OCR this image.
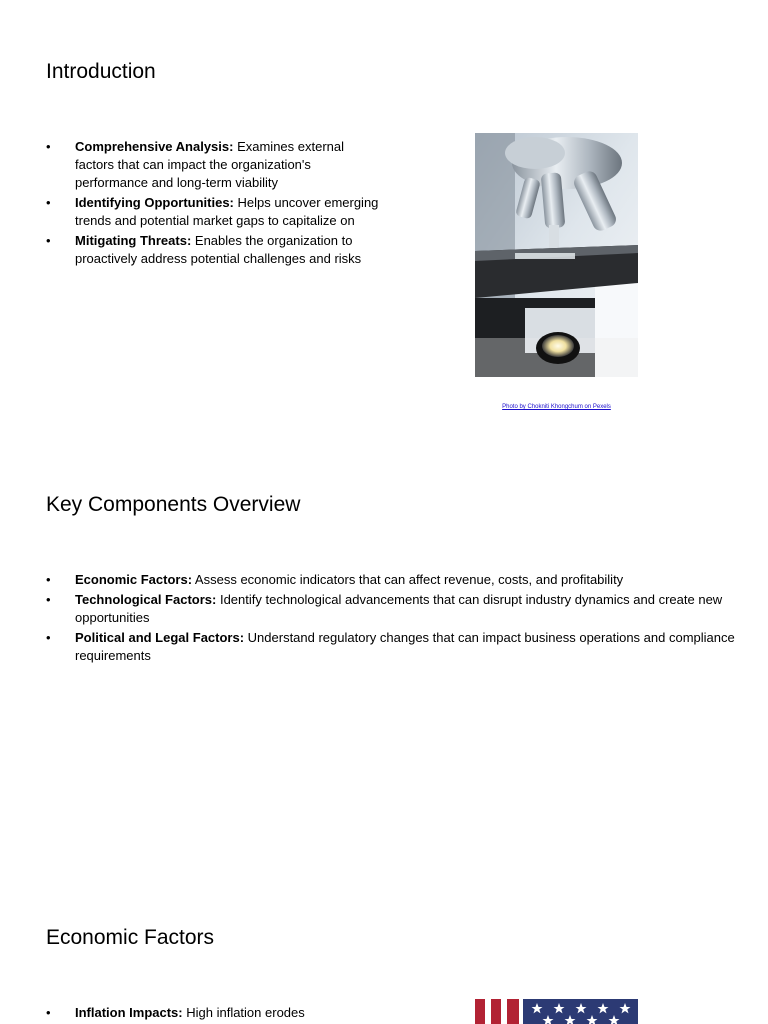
Introduction
• Comprehensive Analysis: Examines external factors that can impact the organization's performance and long-term viability
• Identifying Opportunities: Helps uncover emerging trends and potential market gaps to capitalize on
• Mitigating Threats: Enables the organization to proactively address potential challenges and risks
Photo by Chokniti Khongchum on Pexels
Key Components Overview
• Economic Factors: Assess economic indicators that can affect revenue, costs, and profitability
• Technological Factors: Identify technological advancements that can disrupt industry dynamics and create new opportunities
• Political and Legal Factors: Understand regulatory changes that can impact business operations and compliance requirements
Economic Factors
• Inflation Impacts: High inflation erodes
